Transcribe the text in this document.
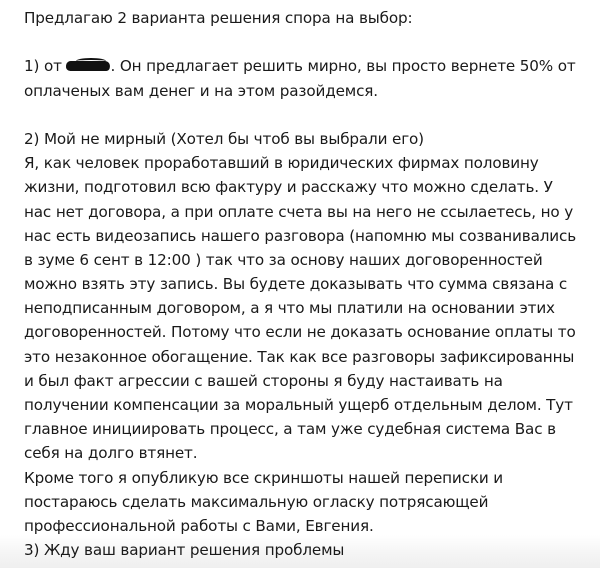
Предлагаю 2 варианта решения спора на выбор:
1) от	. Он предлагает решить мирно, вы просто вернете 50% от
оплаченых вам денег и на этом разойдемся.
2) Мой не мирный (Хотел бы чтоб вы выбрали его)
Я, как человек проработавший в юридических фирмах половину
жизни, подготовил всю фактуру и расскажу что можно сделать. У
нас нет договора, а при оплате счета вы на него не ссылаетесь, но у
нас есть видеозапись нашего разговора (напомню мы созванивались
в зуме 6 сент в 12:00 ) так что за основу наших договоренностей
можно взять эту запись. Вы будете доказывать что сумма связана с
неподписанным договором, а я что мы платили на основании этих
договоренностей. Потому что если не доказать основание оплаты то
это незаконное обогащение. Так как все разговоры зафиксированны
и был факт агрессии с вашей стороны я буду настаивать на
получении компенсации за моральный ущерб отдельным делом. Тут
главное инициировать процесс, а там уже судебная система Вас в
себя на долго втянет.
Кроме того я опубликую все скриншоты нашей переписки и
постараюсь сделать максимальную огласку потрясающей
профессиональной работы с Вами, Евгения.
3) Жду ваш вариант решения проблемы
